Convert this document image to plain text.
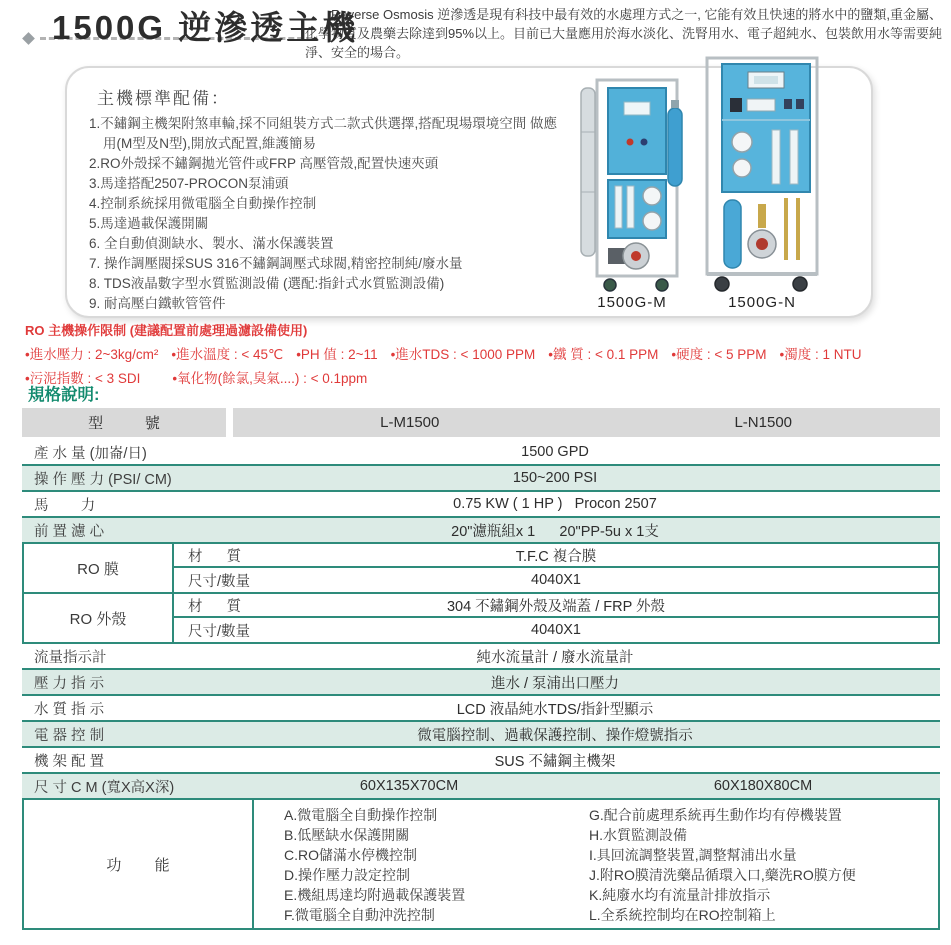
1500G 逆滲透主機
Reverse Osmosis 逆滲透是現有科技中最有效的水處理方式之一, 它能有效且快速的將水中的鹽類,重金屬、化學物質及農藥去除達到95%以上。目前已大量應用於海水淡化、洗腎用水、電子超純水、包裝飲用水等需要純淨、安全的場合。
主機標準配備：
1.不鏽鋼主機架附煞車輪,採不同組裝方式二款式供選擇,搭配現場環境空間 做應用(M型及N型),開放式配置,維護簡易
2.RO外殼採不鏽鋼拋光管件或FRP 高壓管殼,配置快速夾頭
3.馬達搭配2507-PROCON泵浦頭
4.控制系統採用微電腦全自動操作控制
5.馬達過載保護開關
6. 全自動偵測缺水、製水、滿水保護裝置
7. 操作調壓閥採SUS 316不鏽鋼調壓式球閥,精密控制純/廢水量
8. TDS液晶數字型水質監測設備 (選配:指針式水質監測設備)
9. 耐高壓白鐵軟管管件	1500G-M	1500G-N
RO 主機操作限制 (建議配置前處理過濾設備使用)
•進水壓力 : 2~3kg/cm² •進水溫度 : < 45℃ •PH 值 : 2~11 •進水TDS : < 1000 PPM •鐵 質 : < 0.1 PPM •硬度 : < 5 PPM •濁度 : 1 NTU
•污泥指數 : < 3 SDI •氧化物(餘氯,臭氣....) : < 0.1ppm
規格說明:
型          號	L-M1500	L-N1500
產 水 量 (加崙/日)	1500 GPD
操 作 壓 力 (PSI/ CM)	150~200 PSI
馬        力	0.75 KW ( 1 HP )   Procon 2507
前 置 濾 心	20"濾瓶組x 1      20"PP-5u x 1支
RO 膜
材      質	T.F.C 複合膜
尺寸/數量	4040X1
RO 外殼
材      質	304 不鏽鋼外殼及端蓋 / FRP 外殼
尺寸/數量	4040X1
流量指示計	純水流量計 / 廢水流量計
壓 力 指 示	進水 / 泵浦出口壓力
水 質 指 示	LCD 液晶純水TDS/指針型顯示
電 器 控 制	微電腦控制、過載保護控制、操作燈號指示
機 架 配 置	SUS 不鏽鋼主機架
尺 寸 C M (寬X高X深)	60X135X70CM	60X180X80CM
功        能
A.微電腦全自動操作控制
B.低壓缺水保護開關
C.RO儲滿水停機控制
D.操作壓力設定控制
E.機組馬達均附過載保護裝置
F.微電腦全自動沖洗控制
G.配合前處理系統再生動作均有停機裝置
H.水質監測設備
I.具回流調整裝置,調整幫浦出水量
J.附RO膜清洗藥品循環入口,藥洗RO膜方便
K.純廢水均有流量計排放指示
L.全系統控制均在RO控制箱上
